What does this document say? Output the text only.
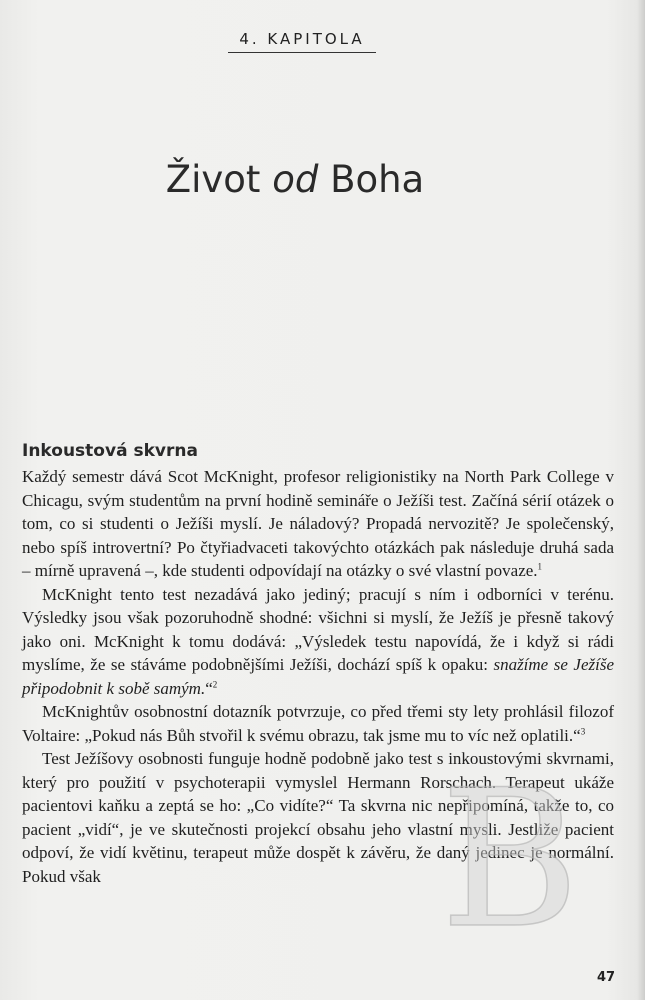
4. KAPITOLA
Život od Boha
Inkoustová skvrna

Každý semestr dává Scot McKnight, profesor religionistiky na North Park College v Chicagu, svým studentům na první hodině semináře o Ježíši test. Začíná sérií otázek o tom, co si studenti o Ježíši myslí. Je náladový? Propadá nervozitě? Je společenský, nebo spíš introvertní? Po čtyřiadvaceti takovýchto otázkách pak následuje druhá sada – mírně upravená –, kde studenti odpovídají na otázky o své vlastní povaze.$^1$

McKnight tento test nezadává jako jediný; pracují s ním i odborníci v terénu. Výsledky jsou však pozoruhodně shodné: všichni si myslí, že Ježíš je přesně takový jako oni. McKnight k tomu dodává: „Výsledek testu napovídá, že i když si rádi myslíme, že se stáváme podobnějšími Ježíši, dochází spíš k opaku: snažíme se Ježíše připodobnit k sobě samým.“$^2$

McKnightův osobnostní dotazník potvrzuje, co před třemi sty lety prohlásil filozof Voltaire: „Pokud nás Bůh stvořil k svému obrazu, tak jsme mu to víc než oplatili.“$^3$

Test Ježíšovy osobnosti funguje hodně podobně jako test s inkoustovými skvrnami, který pro použití v psychoterapii vymyslel Hermann Rorschach. Terapeut ukáže pacientovi kaňku a zeptá se ho: „Co vidíte?“ Ta skvrna nic nepřipomíná, takže to, co pacient „vidí“, je ve skutečnosti projekcí obsahu jeho vlastní mysli. Jestliže pacient odpoví, že vidí květinu, terapeut může dospět k závěru, že daný jedinec je normální. Pokud však

47
B
